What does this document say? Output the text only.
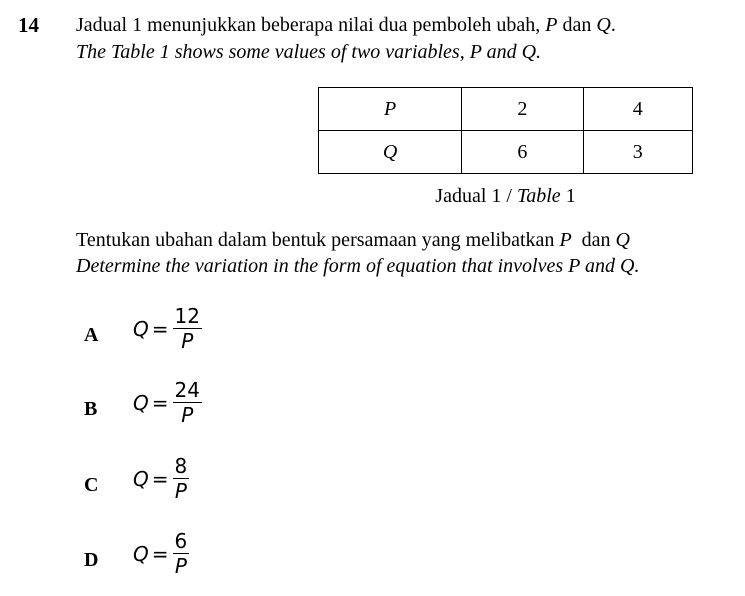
14 Jadual 1 menunjukkan beberapa nilai dua pemboleh ubah, P dan Q.
The Table 1 shows some values of two variables, P and Q.
P	2	4
Q	6	3
Jadual 1 / Table 1
Tentukan ubahan dalam bentuk persamaan yang melibatkan P  dan Q
Determine the variation in the form of equation that involves P and Q.
A $Q = \frac{12}{P}$
B $Q = \frac{24}{P}$
C $Q = \frac{8}{P}$
D $Q = \frac{6}{P}$
